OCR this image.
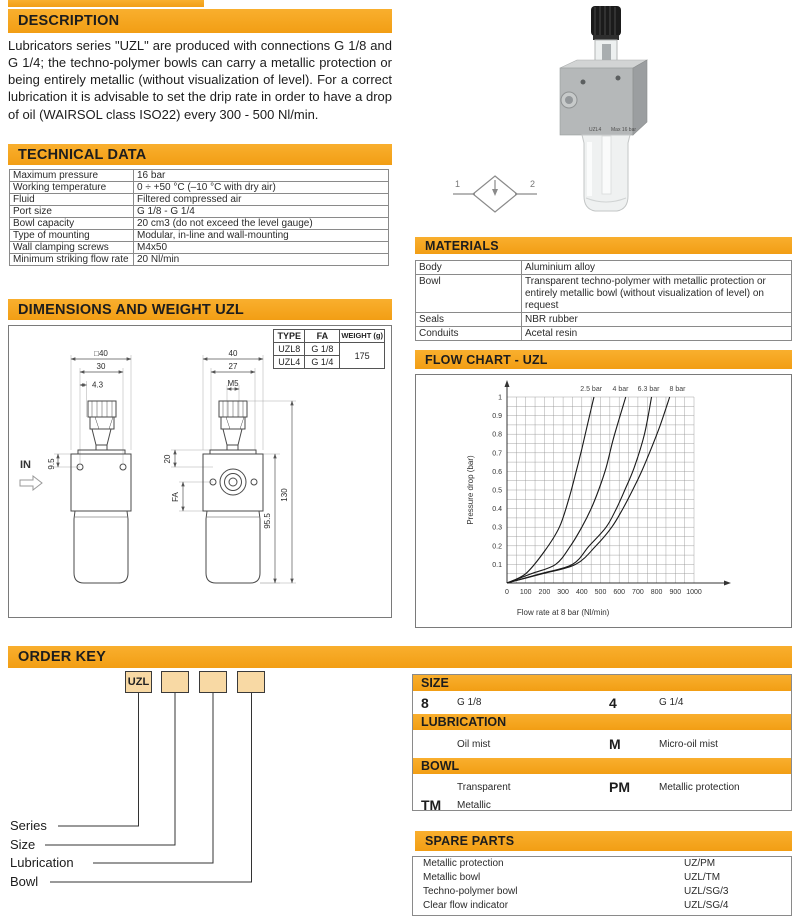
DESCRIPTION
Lubricators series "UZL" are produced with connections G 1/8 and G 1/4; the techno-polymer bowls can carry a metallic protection or being entirely metallic (without visualization of level). For a correct lubrication it is advisable to set the drip rate in order to have a drop of oil (WAIRSOL class ISO22) every 300 - 500 Nl/min.
UZL4 Max 16 bar
1	2
TECHNICAL DATA
Maximum pressure	16 bar
Working temperature	0 ÷ +50 °C (–10 °C with dry air)
Fluid	Filtered compressed air
Port size	G 1/8 - G 1/4
Bowl capacity	20 cm3 (do not exceed the level gauge)
Type of mounting	Modular, in-line and wall-mounting
Wall clamping screws	M4x50
Minimum striking flow rate	20 Nl/min
MATERIALS
Body	Aluminium alloy
Bowl	Transparent techno-polymer with metallic protection or entirely metallic bowl (without visualization of level) on request
Seals	NBR rubber
Conduits	Acetal resin
DIMENSIONS AND WEIGHT UZL
□40
30
4.3
9.5
40
27
M5
20
FA
95.5
130
IN
TYPE	FA	WEIGHT (g)
UZL8	G 1/8	175
UZL4	G 1/4		FLOW CHART - UZL
0 100 200 300 400 500 600 700 800 900 1000
0.1
0.2
0.3
0.4
0.5
0.6
0.7
0.8
0.9
1
Flow rate at 8 bar (Nl/min)
Pressure drop (bar)
2.5 bar 4 bar 6.3 bar 8 bar
ORDER KEY
UZL
Series
Size
Lubrication
Bowl
SIZE
8	G 1/8	4	G 1/4
LUBRICATION
Oil mist	M	Micro-oil mist
BOWL
Transparent	PM	Metallic protection
TM	Metallic
SPARE PARTS
Metallic protection	UZ/PM
Metallic bowl	UZL/TM
Techno-polymer bowl	UZL/SG/3
Clear flow indicator	UZL/SG/4
